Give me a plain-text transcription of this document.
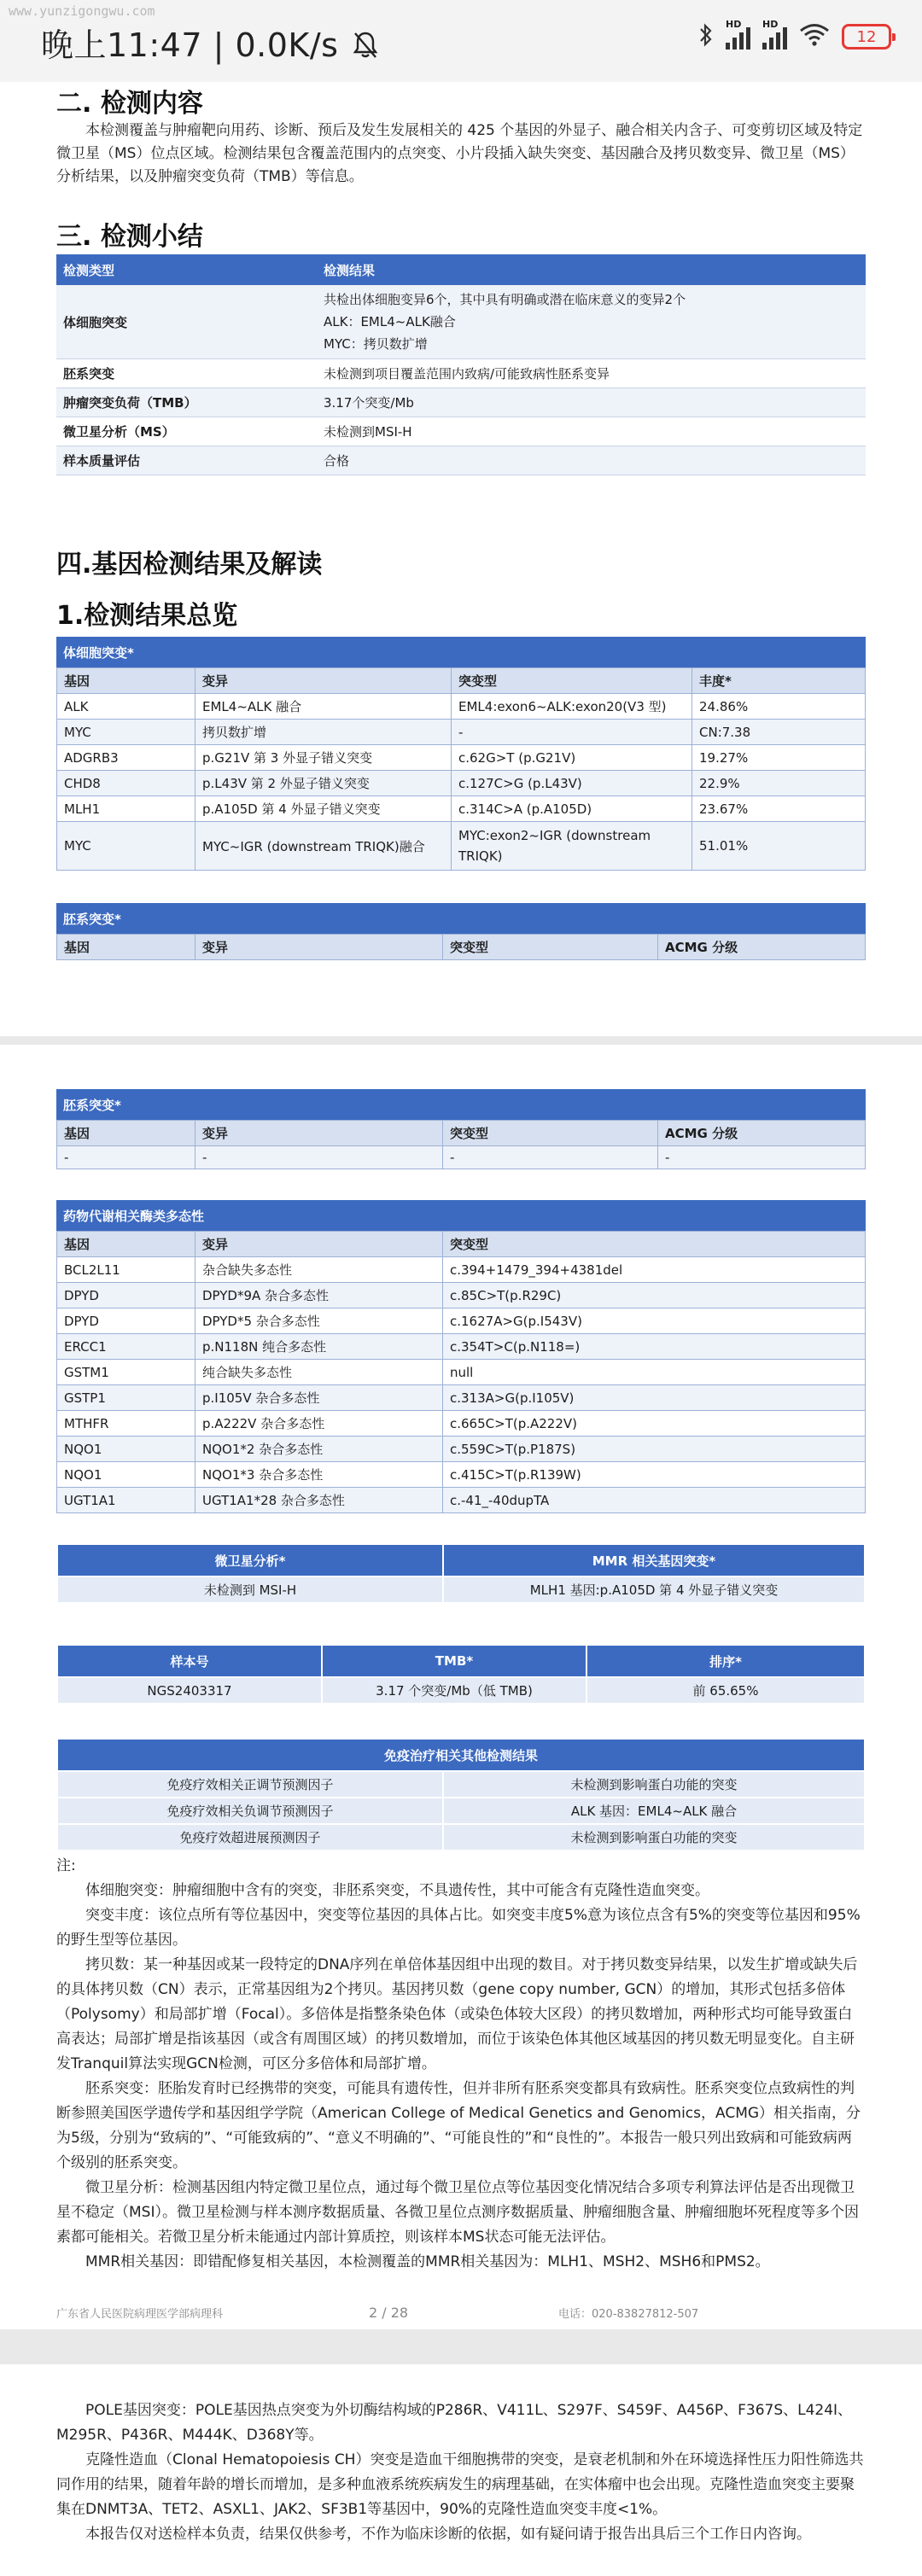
www.yunzigongwu.com
晚上11:47 | 0.0K/s
HD HD
12
二. 检测内容
本检测覆盖与肿瘤靶向用药、诊断、预后及发生发展相关的 425 个基因的外显子、融合相关内含子、可变剪切区域及特定微卫星（MS）位点区域。检测结果包含覆盖范围内的点突变、小片段插入缺失突变、基因融合及拷贝数变异、微卫星（MS）分析结果，以及肿瘤突变负荷（TMB）等信息。
三. 检测小结
检测类型	检测结果
体细胞突变	共检出体细胞变异6个，其中具有明确或潜在临床意义的变异2个
ALK：EML4~ALK融合
MYC：拷贝数扩增

胚系突变	未检测到项目覆盖范围内致病/可能致病性胚系变异
肿瘤突变负荷（TMB）	3.17个突变/Mb
微卫星分析（MS）	未检测到MSI-H
样本质量评估	合格
四.基因检测结果及解读
1.检测结果总览
体细胞突变*
基因	变异	突变型	丰度*
ALK	EML4~ALK 融合	EML4:exon6~ALK:exon20(V3 型)	24.86%
MYC	拷贝数扩增	-	CN:7.38
ADGRB3	p.G21V 第 3 外显子错义突变	c.62G>T (p.G21V)	19.27%
CHD8	p.L43V 第 2 外显子错义突变	c.127C>G (p.L43V)	22.9%
MLH1	p.A105D 第 4 外显子错义突变	c.314C>A (p.A105D)	23.67%
MYC	MYC~IGR (downstream TRIQK)融合	MYC:exon2~IGR (downstream TRIQK)	51.01%
胚系突变*
基因	变异	突变型	ACMG 分级
胚系突变*
基因	变异	突变型	ACMG 分级
-	-	-	-
药物代谢相关酶类多态性
基因	变异	突变型
BCL2L11	杂合缺失多态性	c.394+1479_394+4381del
DPYD	DPYD*9A 杂合多态性	c.85C>T(p.R29C)
DPYD	DPYD*5 杂合多态性	c.1627A>G(p.I543V)
ERCC1	p.N118N 纯合多态性	c.354T>C(p.N118=)
GSTM1	纯合缺失多态性	null
GSTP1	p.I105V 杂合多态性	c.313A>G(p.I105V)
MTHFR	p.A222V 杂合多态性	c.665C>T(p.A222V)
NQO1	NQO1*2 杂合多态性	c.559C>T(p.P187S)
NQO1	NQO1*3 杂合多态性	c.415C>T(p.R139W)
UGT1A1	UGT1A1*28 杂合多态性	c.-41_-40dupTA
微卫星分析*	MMR 相关基因突变*
未检测到 MSI-H	MLH1 基因:p.A105D 第 4 外显子错义突变
样本号	TMB*	排序*
NGS2403317	3.17 个突变/Mb（低 TMB)	前 65.65%
免疫治疗相关其他检测结果	
免疫疗效相关正调节预测因子	未检测到影响蛋白功能的突变
免疫疗效相关负调节预测因子	ALK 基因：EML4~ALK 融合
免疫疗效超进展预测因子	未检测到影响蛋白功能的突变

注:

体细胞突变：肿瘤细胞中含有的突变，非胚系突变，不具遗传性，其中可能含有克隆性造血突变。

突变丰度：该位点所有等位基因中，突变等位基因的具体占比。如突变丰度5%意为该位点含有5%的突变等位基因和95%的野生型等位基因。

拷贝数：某一种基因或某一段特定的DNA序列在单倍体基因组中出现的数目。对于拷贝数变异结果，以发生扩增或缺失后的具体拷贝数（CN）表示，正常基因组为2个拷贝。基因拷贝数（gene copy number, GCN）的增加，其形式包括多倍体（Polysomy）和局部扩增（Focal）。多倍体是指整条染色体（或染色体较大区段）的拷贝数增加，两种形式均可能导致蛋白高表达；局部扩增是指该基因（或含有周围区域）的拷贝数增加，而位于该染色体其他区域基因的拷贝数无明显变化。自主研发Tranquil算法实现GCN检测，可区分多倍体和局部扩增。

胚系突变：胚胎发育时已经携带的突变，可能具有遗传性，但并非所有胚系突变都具有致病性。胚系突变位点致病性的判断参照美国医学遗传学和基因组学学院（American College of Medical Genetics and Genomics，ACMG）相关指南，分为5级，分别为“致病的”、“可能致病的”、“意义不明确的”、“可能良性的”和“良性的”。本报告一般只列出致病和可能致病两个级别的胚系突变。

微卫星分析：检测基因组内特定微卫星位点，通过每个微卫星位点等位基因变化情况结合多项专利算法评估是否出现微卫星不稳定（MSI）。微卫星检测与样本测序数据质量、各微卫星位点测序数据质量、肿瘤细胞含量、肿瘤细胞坏死程度等多个因素都可能相关。若微卫星分析未能通过内部计算质控，则该样本MS状态可能无法评估。

MMR相关基因：即错配修复相关基因，本检测覆盖的MMR相关基因为：MLH1、MSH2、MSH6和PMS2。

广东省人民医院病理医学部病理科	2 / 28	电话：020-83827812-507

POLE基因突变：POLE基因热点突变为外切酶结构域的P286R、V411L、S297F、S459F、A456P、F367S、L424I、M295R、P436R、M444K、D368Y等。

克隆性造血（Clonal Hematopoiesis CH）突变是造血干细胞携带的突变，是衰老机制和外在环境选择性压力阳性筛选共同作用的结果，随着年龄的增长而增加，是多种血液系统疾病发生的病理基础，在实体瘤中也会出现。克隆性造血突变主要聚集在DNMT3A、TET2、ASXL1、JAK2、SF3B1等基因中，90%的克隆性造血突变丰度<1%。

本报告仅对送检样本负责，结果仅供参考，不作为临床诊断的依据，如有疑问请于报告出具后三个工作日内咨询。
